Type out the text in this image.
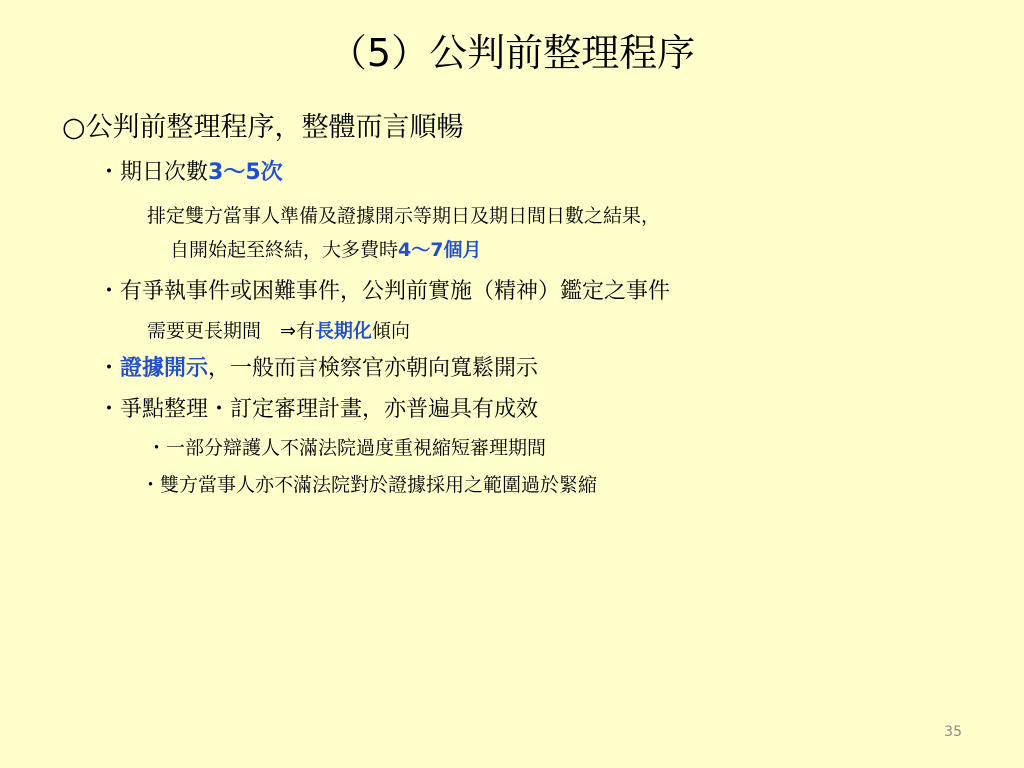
（5）公判前整理程序
○公判前整理程序，整體而言順暢
・期日次數3～5次
排定雙方當事人準備及證據開示等期日及期日間日數之結果，
自開始起至終結，大多費時4～7個月
・有爭執事件或困難事件，公判前實施（精神）鑑定之事件
需要更長期間　⇒有長期化傾向
・證據開示，一般而言検察官亦朝向寬鬆開示
・爭點整理・訂定審理計畫，亦普遍具有成效
・一部分辯護人不滿法院過度重視縮短審理期間
・雙方當事人亦不滿法院對於證據採用之範圍過於緊縮
35
